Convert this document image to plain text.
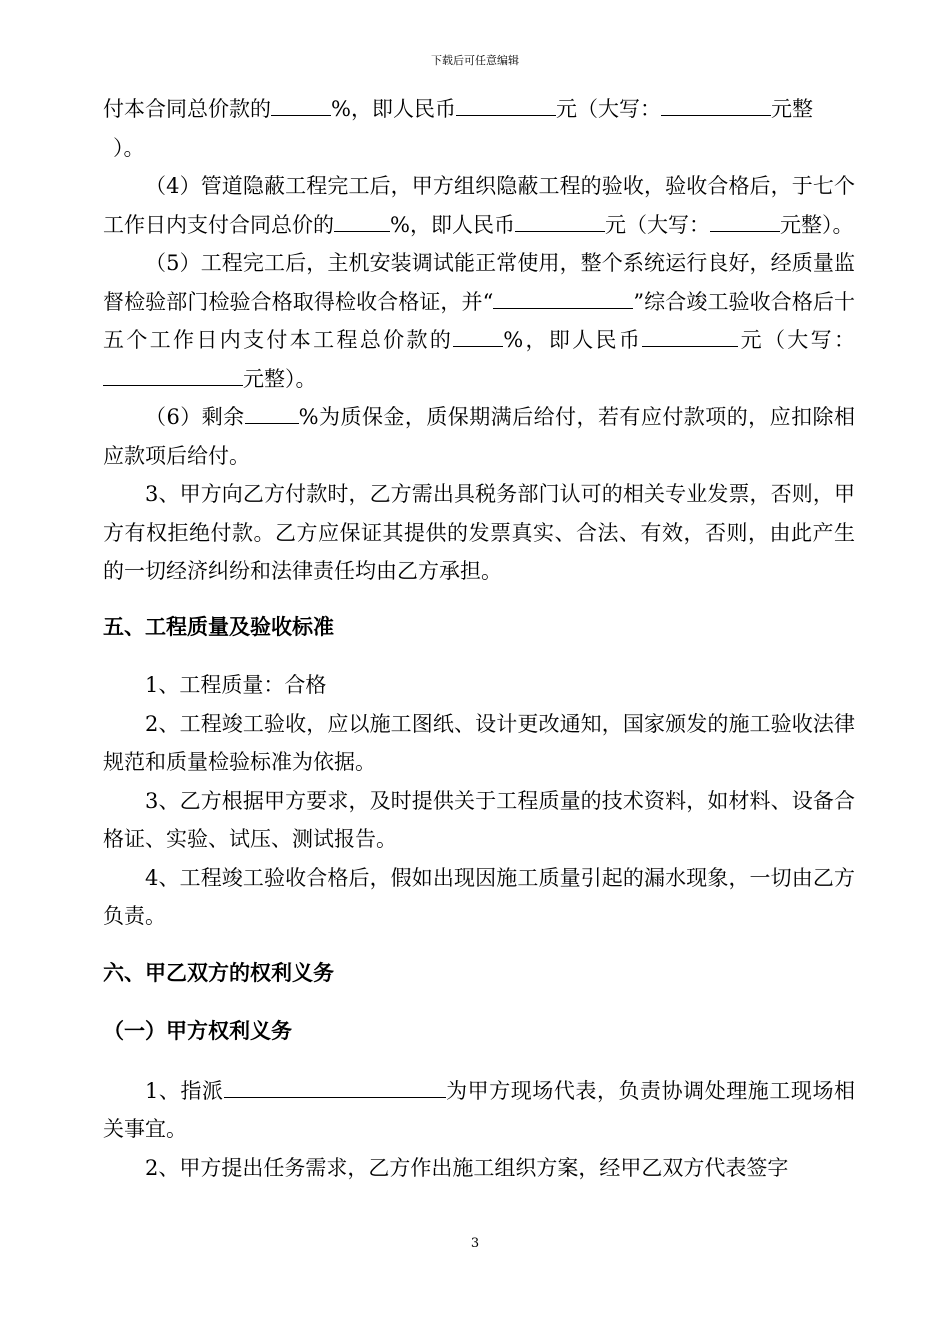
下载后可任意编辑

付本合同总价款的	%，即人民币	元（大写：	元整
）。

（4）管道隐蔽工程完工后，甲方组织隐蔽工程的验收，验收合格后，于七个工作日内支付合同总价的	%，即人民币	元（大写：	元整）。

（5）工程完工后，主机安装调试能正常使用，整个系统运行良好，经质量监督检验部门检验合格取得检收合格证，并“	”综合竣工验收合格后十五个工作日内支付本工程总价款的 %，即人民币	元（大写：元整）。

（6）剩余	%为质保金，质保期满后给付，若有应付款项的，应扣除相应款项后给付。

3、甲方向乙方付款时，乙方需出具税务部门认可的相关专业发票，否则，甲方有权拒绝付款。乙方应保证其提供的发票真实、合法、有效，否则，由此产生的一切经济纠纷和法律责任均由乙方承担。

五、工程质量及验收标准

1、工程质量：合格

2、工程竣工验收，应以施工图纸、设计更改通知，国家颁发的施工验收法律规范和质量检验标准为依据。

3、乙方根据甲方要求，及时提供关于工程质量的技术资料，如材料、设备合格证、实验、试压、测试报告。

4、工程竣工验收合格后，假如出现因施工质量引起的漏水现象，一切由乙方负责。

六、甲乙双方的权利义务

（一）甲方权利义务

1、指派	为甲方现场代表，负责协调处理施工现场相关事宜。

2、甲方提出任务需求，乙方作出施工组织方案，经甲乙双方代表签字

3
